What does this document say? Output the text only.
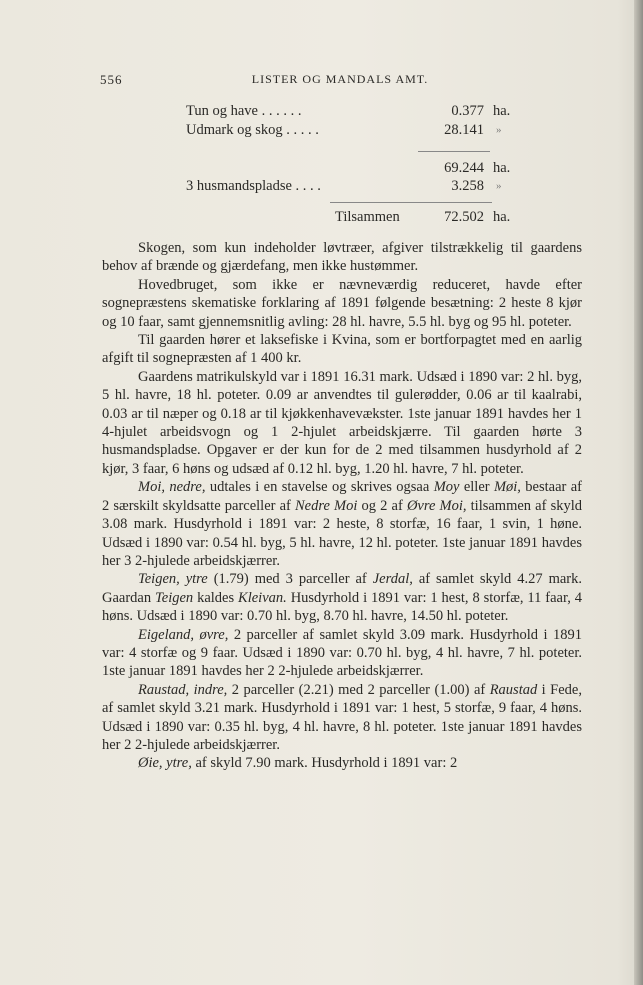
556	LISTER OG MANDALS AMT.
Tun og have . . . . . .	0.377 ha.
Udmark og skog . . . . .	28.141 »
69.244 ha.
3 husmandspladse . . . .	3.258 »
Tilsammen	72.502 ha.

Skogen, som kun indeholder løvtræer, afgiver tilstrækkelig til gaardens behov af brænde og gjærdefang, men ikke hustømmer.

Hovedbruget, som ikke er nævneværdig reduceret, havde efter sognepræstens skematiske forklaring af 1891 følgende besætning: 2 heste 8 kjør og 10 faar, samt gjennemsnitlig avling: 28 hl. havre, 5.5 hl. byg og 95 hl. poteter.

Til gaarden hører et laksefiske i Kvina, som er bortforpagtet med en aarlig afgift til sognepræsten af 1 400 kr.

Gaardens matrikulskyld var i 1891 16.31 mark. Udsæd i 1890 var: 2 hl. byg, 5 hl. havre, 18 hl. poteter. 0.09 ar anvendtes til gulerødder, 0.06 ar til kaalrabi, 0.03 ar til næper og 0.18 ar til kjøkkenhavevækster. 1ste januar 1891 havdes her 1 4-hjulet arbeidsvogn og 1 2-hjulet arbeidskjærre. Til gaarden hørte 3 husmandspladse. Opgaver er der kun for de 2 med tilsammen husdyrhold af 2 kjør, 3 faar, 6 høns og udsæd af 0.12 hl. byg, 1.20 hl. havre, 7 hl. poteter.

Moi, nedre, udtales i en stavelse og skrives ogsaa Moy eller Møi, bestaar af 2 særskilt skyldsatte parceller af Nedre Moi og 2 af Øvre Moi, tilsammen af skyld 3.08 mark. Husdyrhold i 1891 var: 2 heste, 8 storfæ, 16 faar, 1 svin, 1 høne. Udsæd i 1890 var: 0.54 hl. byg, 5 hl. havre, 12 hl. poteter. 1ste januar 1891 havdes her 3 2-hjulede arbeidskjærrer.

Teigen, ytre (1.79) med 3 parceller af Jerdal, af samlet skyld 4.27 mark. Gaardan Teigen kaldes Kleivan. Husdyrhold i 1891 var: 1 hest, 8 storfæ, 11 faar, 4 høns. Udsæd i 1890 var: 0.70 hl. byg, 8.70 hl. havre, 14.50 hl. poteter.

Eigeland, øvre, 2 parceller af samlet skyld 3.09 mark. Husdyrhold i 1891 var: 4 storfæ og 9 faar. Udsæd i 1890 var: 0.70 hl. byg, 4 hl. havre, 7 hl. poteter. 1ste januar 1891 havdes her 2 2-hjulede arbeidskjærrer.

Raustad, indre, 2 parceller (2.21) med 2 parceller (1.00) af Raustad i Fede, af samlet skyld 3.21 mark. Husdyrhold i 1891 var: 1 hest, 5 storfæ, 9 faar, 4 høns. Udsæd i 1890 var: 0.35 hl. byg, 4 hl. havre, 8 hl. poteter. 1ste januar 1891 havdes her 2 2-hjulede arbeidskjærrer.

Øie, ytre, af skyld 7.90 mark. Husdyrhold i 1891 var: 2
